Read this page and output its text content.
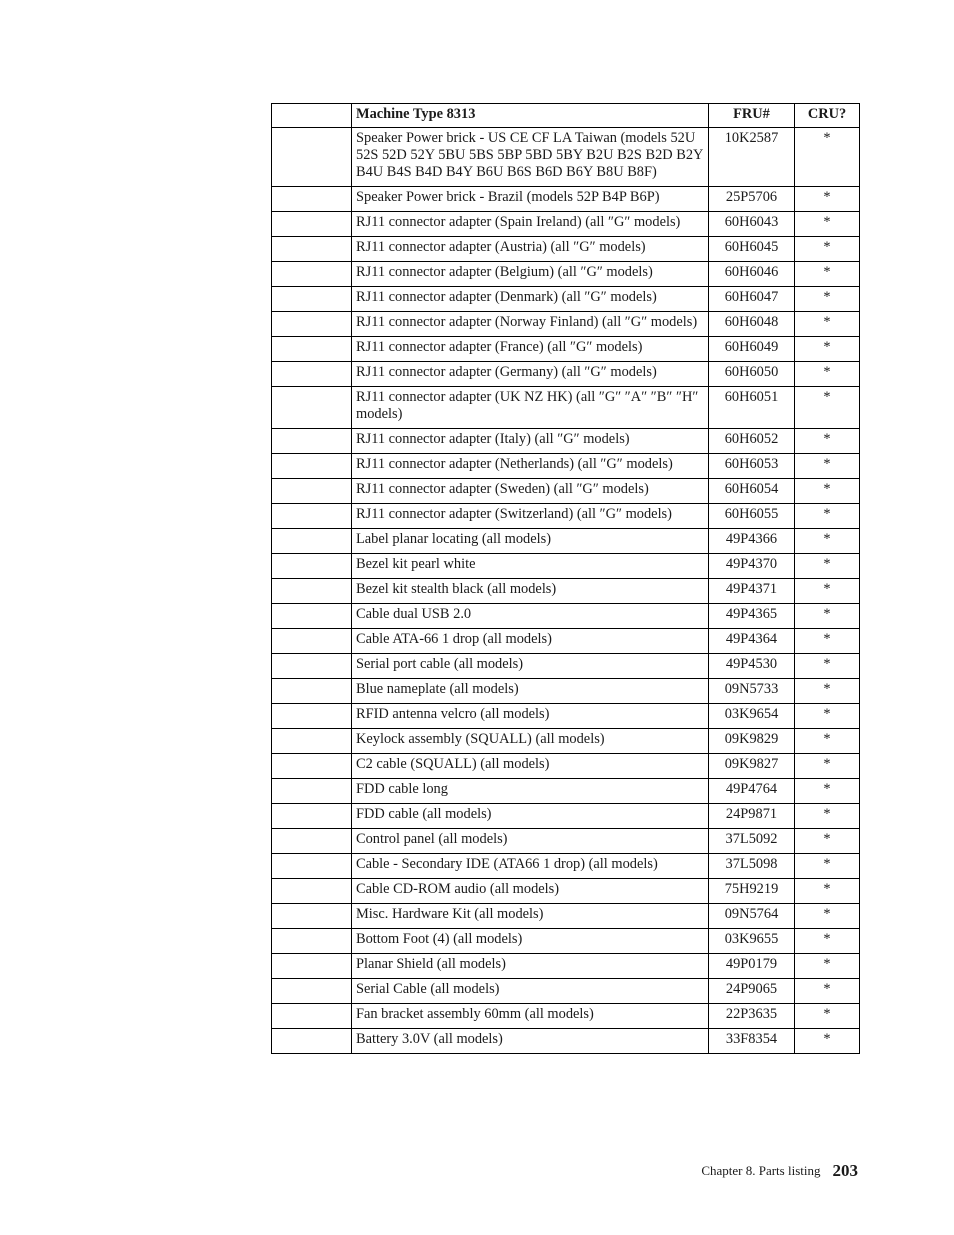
	Machine Type 8313	FRU#	CRU?
	Speaker Power brick - US CE CF LA Taiwan (models 52U 52S 52D 52Y 5BU 5BS 5BP 5BD 5BY B2U B2S B2D B2Y B4U B4S B4D B4Y B6U B6S B6D B6Y B8U B8F)	10K2587	*
	Speaker Power brick - Brazil (models 52P B4P B6P)	25P5706	*
	RJ11 connector adapter (Spain Ireland) (all ″G″ models)	60H6043	*
	RJ11 connector adapter (Austria) (all ″G″ models)	60H6045	*
	RJ11 connector adapter (Belgium) (all ″G″ models)	60H6046	*
	RJ11 connector adapter (Denmark) (all ″G″ models)	60H6047	*
	RJ11 connector adapter (Norway Finland) (all ″G″ models)	60H6048	*
	RJ11 connector adapter (France) (all ″G″ models)	60H6049	*
	RJ11 connector adapter (Germany) (all ″G″ models)	60H6050	*
	RJ11 connector adapter (UK NZ HK) (all ″G″ ″A″ ″B″ ″H″ models)	60H6051	*
	RJ11 connector adapter (Italy) (all ″G″ models)	60H6052	*
	RJ11 connector adapter (Netherlands) (all ″G″ models)	60H6053	*
	RJ11 connector adapter (Sweden) (all ″G″ models)	60H6054	*
	RJ11 connector adapter (Switzerland) (all ″G″ models)	60H6055	*
	Label planar locating (all models)	49P4366	*
	Bezel kit pearl white	49P4370	*
	Bezel kit stealth black (all models)	49P4371	*
	Cable dual USB 2.0	49P4365	*
	Cable ATA-66 1 drop (all models)	49P4364	*
	Serial port cable (all models)	49P4530	*
	Blue nameplate (all models)	09N5733	*
	RFID antenna velcro (all models)	03K9654	*
	Keylock assembly (SQUALL) (all models)	09K9829	*
	C2 cable (SQUALL) (all models)	09K9827	*
	FDD cable long	49P4764	*
	FDD cable (all models)	24P9871	*
	Control panel (all models)	37L5092	*
	Cable - Secondary IDE (ATA66 1 drop) (all models)	37L5098	*
	Cable CD-ROM audio (all models)	75H9219	*
	Misc. Hardware Kit (all models)	09N5764	*
	Bottom Foot (4) (all models)	03K9655	*
	Planar Shield (all models)	49P0179	*
	Serial Cable (all models)	24P9065	*
	Fan bracket assembly 60mm (all models)	22P3635	*
	Battery 3.0V (all models)	33F8354	*
Chapter 8. Parts listing 203
